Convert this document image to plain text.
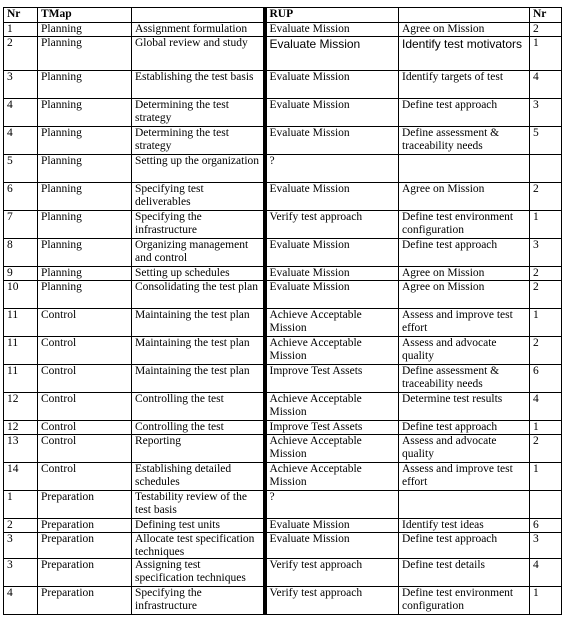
Nr	TMap		RUP		Nr
1	Planning	Assignment formulation	Evaluate Mission	Agree on Mission	2
2	Planning	Global review and study	Evaluate Mission	Identify test motivators	1
3	Planning	Establishing the test basis	Evaluate Mission	Identify targets of test	4
4	Planning	Determining the test strategy	Evaluate Mission	Define test approach	3
4	Planning	Determining the test strategy	Evaluate Mission	Define assessment & traceability needs	5
5	Planning	Setting up the organization	?		
6	Planning	Specifying test deliverables	Evaluate Mission	Agree on Mission	2
7	Planning	Specifying the infrastructure	Verify test approach	Define test environment configuration	1
8	Planning	Organizing management and control	Evaluate Mission	Define test approach	3
9	Planning	Setting up schedules	Evaluate Mission	Agree on Mission	2
10	Planning	Consolidating the test plan	Evaluate Mission	Agree on Mission	2
11	Control	Maintaining the test plan	Achieve Acceptable Mission	Assess and improve test effort	1
11	Control	Maintaining the test plan	Achieve Acceptable Mission	Assess and advocate quality	2
11	Control	Maintaining the test plan	Improve Test Assets	Define assessment & traceability needs	6
12	Control	Controlling the test	Achieve Acceptable Mission	Determine test results	4
12	Control	Controlling the test	Improve Test Assets	Define test approach	1
13	Control	Reporting	Achieve Acceptable Mission	Assess and advocate quality	2
14	Control	Establishing detailed schedules	Achieve Acceptable Mission	Assess and improve test effort	1
1	Preparation	Testability review of the test basis	?		
2	Preparation	Defining test units	Evaluate Mission	Identify test ideas	6
3	Preparation	Allocate test specification techniques	Evaluate Mission	Define test approach	3
3	Preparation	Assigning test specification techniques	Verify test approach	Define test details	4
4	Preparation	Specifying the infrastructure	Verify test approach	Define test environment configuration	1
